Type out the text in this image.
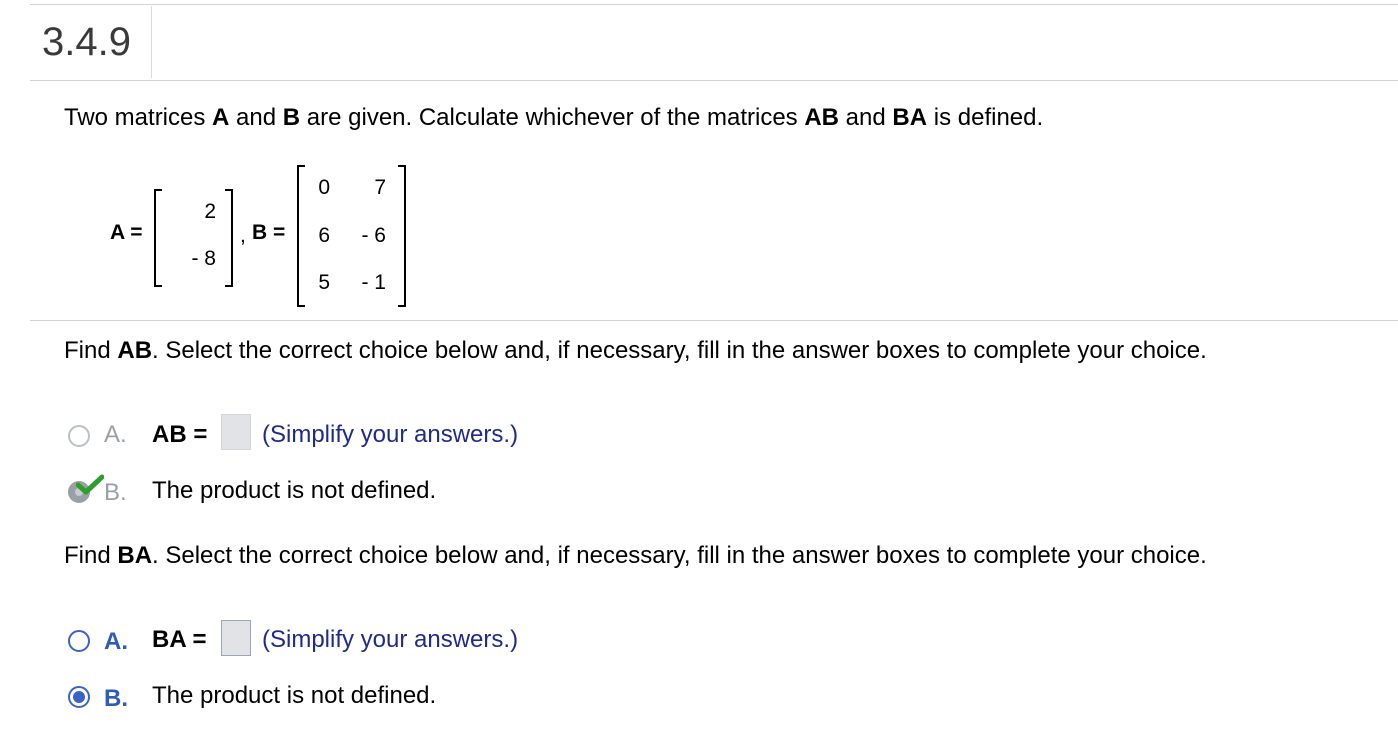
3.4.9
Two matrices A and B are given. Calculate whichever of the matrices AB and BA is defined.
A =
2
- 8
, B =
0	7
6	- 6
5	- 1
Find AB. Select the correct choice below and, if necessary, fill in the answer boxes to complete your choice.
A. AB = (Simplify your answers.)
B. The product is not defined.
Find BA. Select the correct choice below and, if necessary, fill in the answer boxes to complete your choice.
A. BA = (Simplify your answers.)
B. The product is not defined.
